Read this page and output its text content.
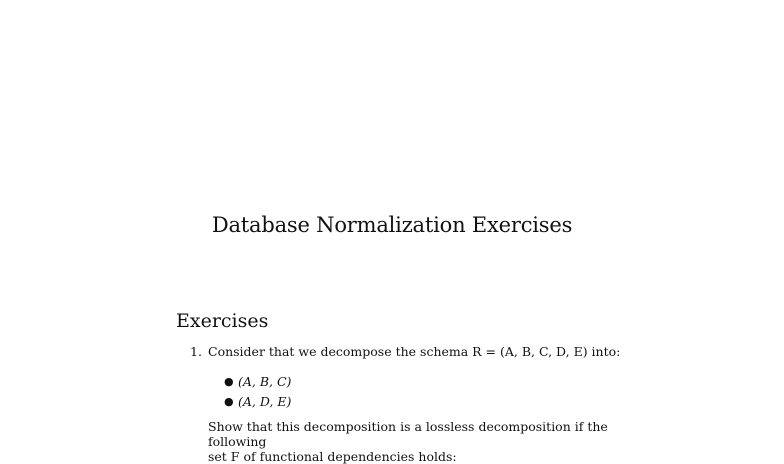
Database Normalization Exercises
Exercises
1. Consider that we decompose the schema R = (A, B, C, D, E) into:
● (A, B, C)
● (A, D, E)
Show that this decomposition is a lossless decomposition if the following
set F of functional dependencies holds:
